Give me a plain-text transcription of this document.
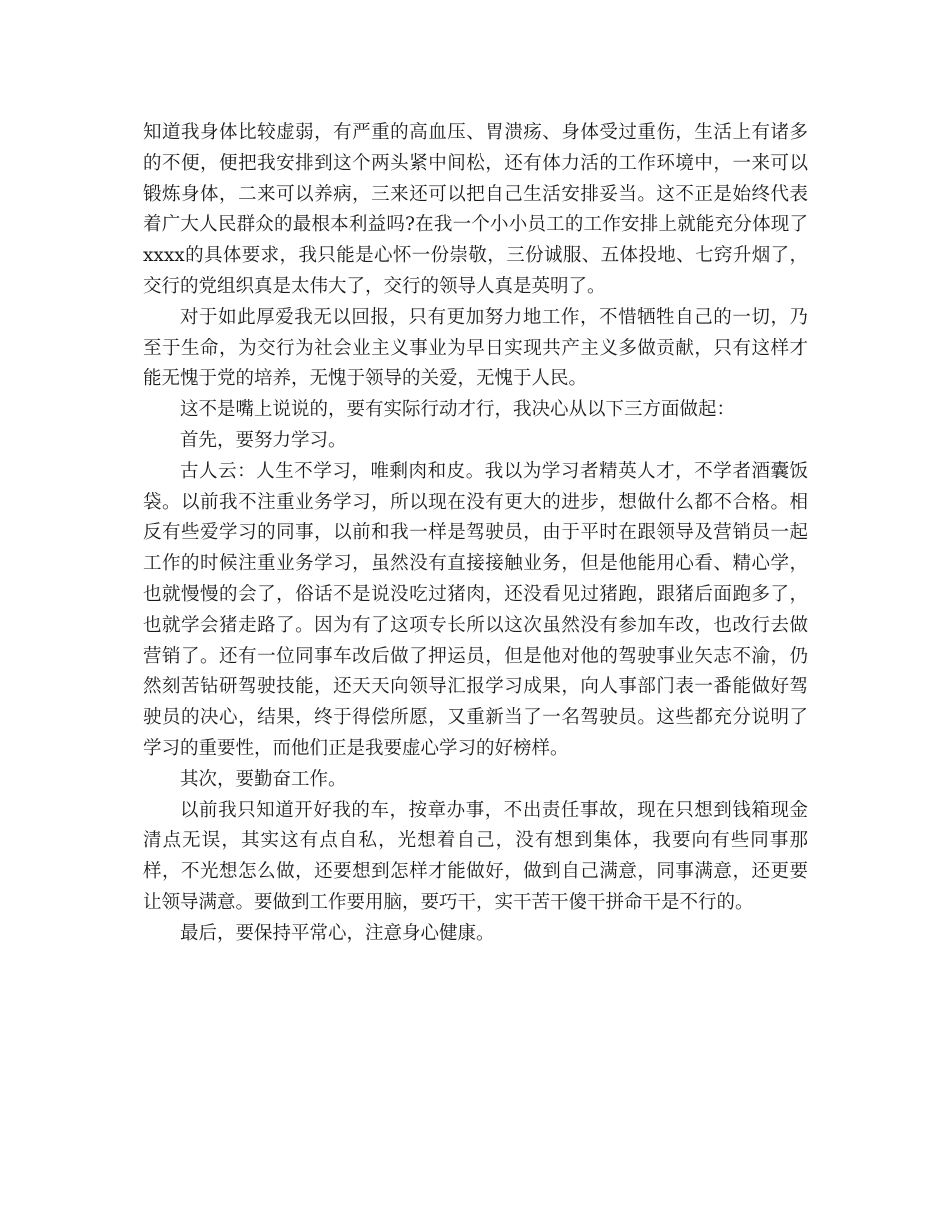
知道我身体比较虚弱，有严重的高血压、胃溃疡、身体受过重伤，生活上有诸多的不便，便把我安排到这个两头紧中间松，还有体力活的工作环境中，一来可以锻炼身体，二来可以养病，三来还可以把自己生活安排妥当。这不正是始终代表着广大人民群众的最根本利益吗?在我一个小小员工的工作安排上就能充分体现了xxxx的具体要求，我只能是心怀一份崇敬，三份诚服、五体投地、七窍升烟了，交行的党组织真是太伟大了，交行的领导人真是英明了。

对于如此厚爱我无以回报，只有更加努力地工作，不惜牺牲自己的一切，乃至于生命，为交行为社会业主义事业为早日实现共产主义多做贡献，只有这样才能无愧于党的培养，无愧于领导的关爱，无愧于人民。

这不是嘴上说说的，要有实际行动才行，我决心从以下三方面做起：

首先，要努力学习。

古人云：人生不学习，唯剩肉和皮。我以为学习者精英人才，不学者酒囊饭袋。以前我不注重业务学习，所以现在没有更大的进步，想做什么都不合格。相反有些爱学习的同事，以前和我一样是驾驶员，由于平时在跟领导及营销员一起工作的时候注重业务学习，虽然没有直接接触业务，但是他能用心看、精心学，也就慢慢的会了，俗话不是说没吃过猪肉，还没看见过猪跑，跟猪后面跑多了，也就学会猪走路了。因为有了这项专长所以这次虽然没有参加车改，也改行去做营销了。还有一位同事车改后做了押运员，但是他对他的驾驶事业矢志不渝，仍然刻苦钻研驾驶技能，还天天向领导汇报学习成果，向人事部门表一番能做好驾驶员的决心，结果，终于得偿所愿，又重新当了一名驾驶员。这些都充分说明了学习的重要性，而他们正是我要虚心学习的好榜样。

其次，要勤奋工作。

以前我只知道开好我的车，按章办事，不出责任事故，现在只想到钱箱现金清点无误，其实这有点自私，光想着自己，没有想到集体，我要向有些同事那样，不光想怎么做，还要想到怎样才能做好，做到自己满意，同事满意，还更要让领导满意。要做到工作要用脑，要巧干，实干苦干傻干拼命干是不行的。

最后，要保持平常心，注意身心健康。
